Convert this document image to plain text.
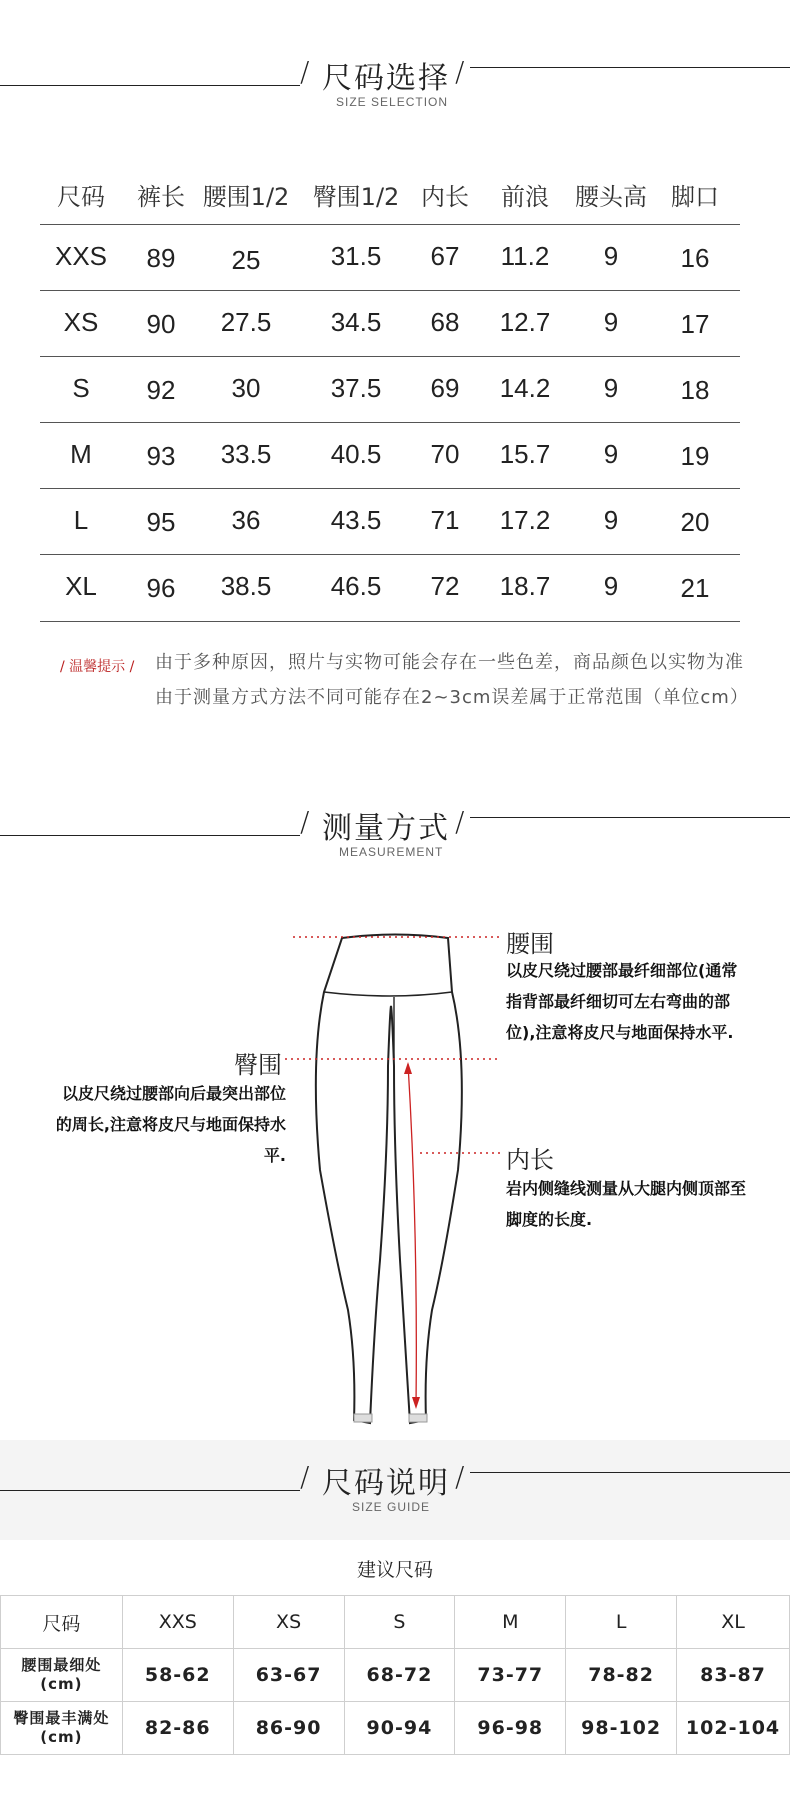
/ 尺码选择 /
SIZE SELECTION
尺码 裤长 腰围1/2 臀围1/2 内长 前浪 腰头高 脚口
XXS 89 25	31.5 67 11.2 9 16
XS 90 27.5 34.5 68 12.7 9 17
S 92 30	37.5 69 14.2 9 18
M 93 33.5 40.5 70 15.7 9 19
L 95 36	43.5 71 17.2 9 20
XL 96 38.5 46.5 72 18.7 9 21
/ 温馨提示 / 由于多种原因，照片与实物可能会存在一些色差，商品颜色以实物为准由于测量方式方法不同可能存在2~3cm误差属于正常范围（单位cm）
/ 测量方式 /
MEASUREMENT
腰围
以皮尺绕过腰部最纤细部位(通常指背部最纤细切可左右弯曲的部位),注意将皮尺与地面保持水平.
臀围
以皮尺绕过腰部向后最突出部位的周长,注意将皮尺与地面保持水平.	内长
岩内侧缝线测量从大腿内侧顶部至脚度的长度.
/ 尺码说明 /
SIZE GUIDE
建议尺码
尺码	XXS	XS	S	M	L	XL
腰围最细处(cm)	58-62	63-67	68-72	73-77	78-82	83-87
臀围最丰满处(cm)	82-86	86-90	90-94	96-98	98-102	102-104
